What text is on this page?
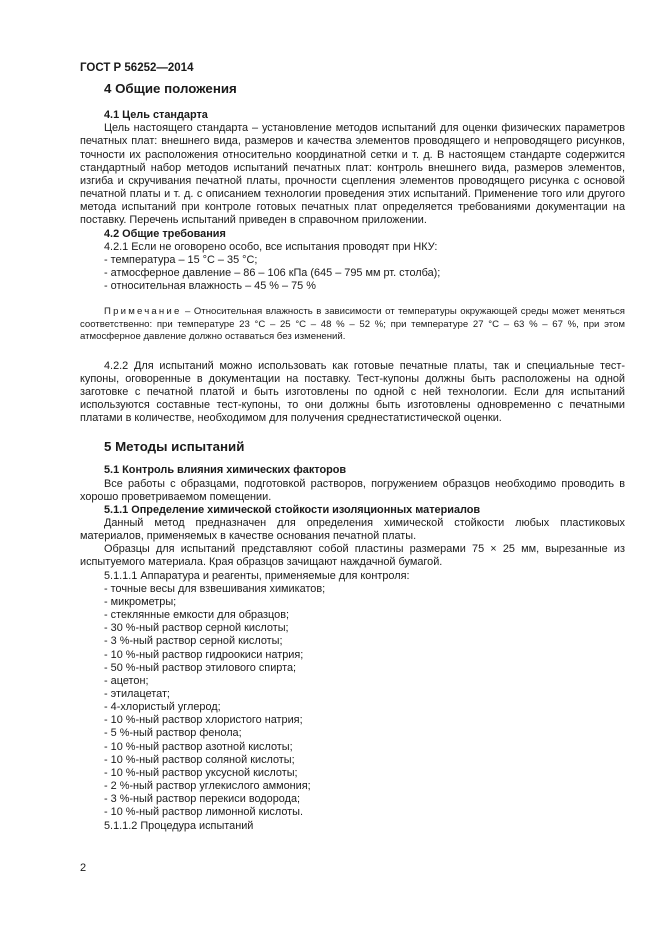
ГОСТ Р 56252—2014
4 Общие положения
4.1 Цель стандарта

Цель настоящего стандарта – установление методов испытаний для оценки физических параметров печатных плат: внешнего вида, размеров и качества элементов проводящего и непроводящего рисунков, точности их расположения относительно координатной сетки и т. д. В настоящем стандарте содержится стандартный набор методов испытаний печатных плат: контроль внешнего вида, размеров элементов, изгиба и скручивания печатной платы, прочности сцепления элементов проводящего рисунка с основой печатной платы и т. д. с описанием технологии проведения этих испытаний. Применение того или другого метода испытаний при контроле готовых печатных плат определяется требованиями документации на поставку. Перечень испытаний приведен в справочном приложении.

4.2 Общие требования

4.2.1 Если не оговорено особо, все испытания проводят при НКУ:

- температура – 15 °С – 35 °С;
- атмосферное давление – 86 – 106 кПа (645 – 795 мм рт. столба);
- относительная влажность – 45 % – 75 %

Примечание – Относительная влажность в зависимости от температуры окружающей среды может меняться соответственно: при температуре 23 °С – 25 °С – 48 % – 52 %; при температуре 27 °С – 63 % – 67 %, при этом атмосферное давление должно оставаться без изменений.

4.2.2 Для испытаний можно использовать как готовые печатные платы, так и специальные тест-купоны, оговоренные в документации на поставку. Тест-купоны должны быть расположены на одной заготовке с печатной платой и быть изготовлены по одной с ней технологии. Если для испытаний используются составные тест-купоны, то они должны быть изготовлены одновременно с печатными платами в количестве, необходимом для получения среднестатистической оценки.

5 Методы испытаний
5.1 Контроль влияния химических факторов

Все работы с образцами, подготовкой растворов, погружением образцов необходимо проводить в хорошо проветриваемом помещении.

5.1.1 Определение химической стойкости изоляционных материалов

Данный метод предназначен для определения химической стойкости любых пластиковых материалов, применяемых в качестве основания печатной платы.

Образцы для испытаний представляют собой пластины размерами 75 × 25 мм, вырезанные из испытуемого материала. Края образцов зачищают наждачной бумагой.

5.1.1.1 Аппаратура и реагенты, применяемые для контроля:

- точные весы для взвешивания химикатов;
- микрометры;
- стеклянные емкости для образцов;
- 30 %-ный раствор серной кислоты;
- 3 %-ный раствор серной кислоты;
- 10 %-ный раствор гидроокиси натрия;
- 50 %-ный раствор этилового спирта;
- ацетон;
- этилацетат;
- 4-хлористый углерод;
- 10 %-ный раствор хлористого натрия;
- 5 %-ный раствор фенола;
- 10 %-ный раствор азотной кислоты;
- 10 %-ный раствор соляной кислоты;
- 10 %-ный раствор уксусной кислоты;
- 2 %-ный раствор углекислого аммония;
- 3 %-ный раствор перекиси водорода;
- 10 %-ный раствор лимонной кислоты.

5.1.1.2 Процедура испытаний

2
